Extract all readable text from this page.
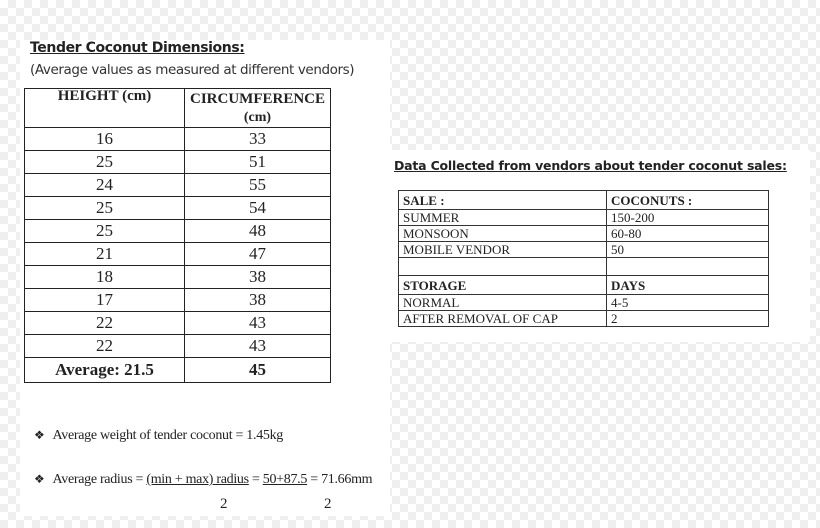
Tender Coconut Dimensions:
(Average values as measured at different vendors)
HEIGHT (cm)	CIRCUMFERENCE
(cm)

16	33
25	51
24	55
25	54
25	48
21	47
18	38
17	38
22	43
22	43
Average: 21.5	45
❖ Average weight of tender coconut = 1.45kg
❖ Average radius = (min + max) radius = 50+87.5 = 71.66mm
2	2
Data Collected from vendors about tender coconut sales:
SALE :	COCONUTS :
SUMMER	150-200
MONSOON	60-80
MOBILE VENDOR	50

STORAGE	DAYS
NORMAL	4-5
AFTER REMOVAL OF CAP	2
